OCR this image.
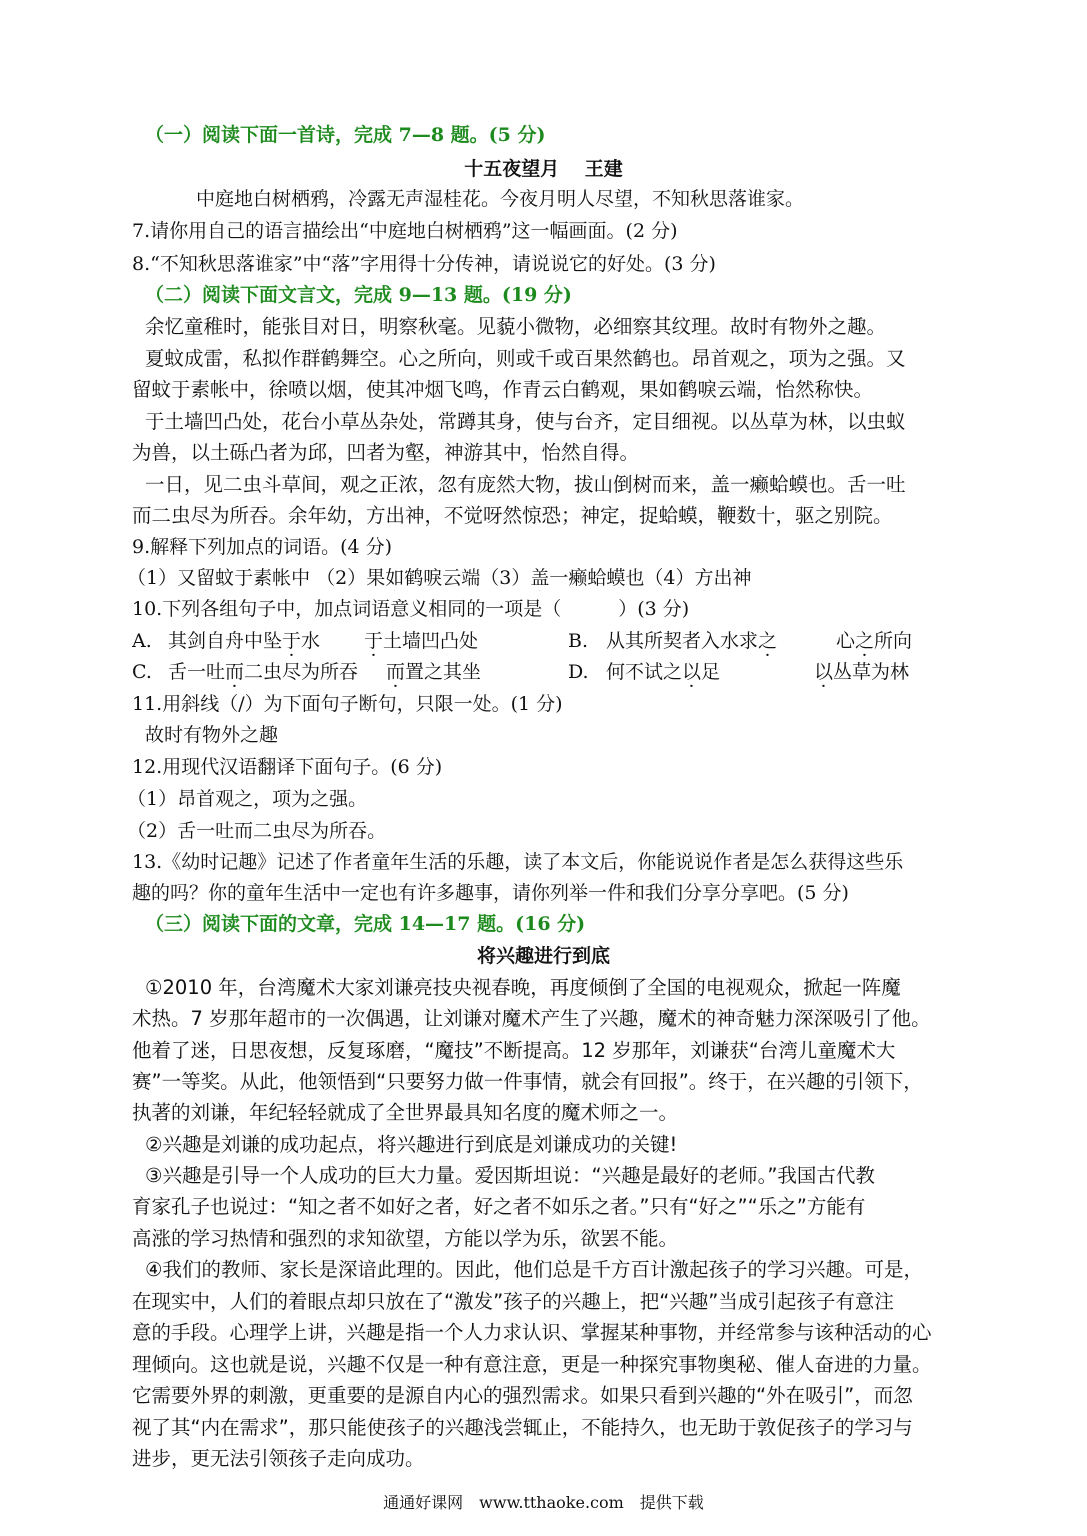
（一）阅读下面一首诗，完成 7—8 题。(5 分)
十五夜望月　 王建
中庭地白树栖鸦，冷露无声湿桂花。今夜月明人尽望，不知秋思落谁家。
7.请你用自己的语言描绘出“中庭地白树栖鸦”这一幅画面。(2 分)
8.“不知秋思落谁家”中“落”字用得十分传神，请说说它的好处。(3 分)
（二）阅读下面文言文，完成 9—13 题。(19 分)
余忆童稚时，能张目对日，明察秋毫。见藐小微物，必细察其纹理。故时有物外之趣。
夏蚊成雷，私拟作群鹤舞空。心之所向，则或千或百果然鹤也。昂首观之，项为之强。又
留蚊于素帐中，徐喷以烟，使其冲烟飞鸣，作青云白鹤观，果如鹤唳云端，怡然称快。
于土墙凹凸处，花台小草丛杂处，常蹲其身，使与台齐，定目细视。以丛草为林，以虫蚁
为兽，以土砾凸者为邱，凹者为壑，神游其中，怡然自得。
一日，见二虫斗草间，观之正浓，忽有庞然大物，拔山倒树而来，盖一癞蛤蟆也。舌一吐
而二虫尽为所吞。余年幼，方出神，不觉呀然惊恐；神定，捉蛤蟆，鞭数十，驱之别院。
9.解释下列加点的词语。(4 分)
（1）又留蚊于素帐中 （2）果如鹤唳云端（3）盖一癞蛤蟆也（4）方出神
10.下列各组句子中，加点词语意义相同的一项是（　　　）(3 分)
A. 其剑自舟中坠于水 于土墙凹凸处	B. 从其所契者入水求之	心之所向
C. 舌一吐而二虫尽为所吞 而置之其坐	D. 何不试之以足	以丛草为林
11.用斜线（/）为下面句子断句，只限一处。(1 分)
故时有物外之趣
12.用现代汉语翻译下面句子。(6 分)
（1）昂首观之，项为之强。
（2）舌一吐而二虫尽为所吞。
13.《幼时记趣》记述了作者童年生活的乐趣，读了本文后，你能说说作者是怎么获得这些乐
趣的吗？你的童年生活中一定也有许多趣事，请你列举一件和我们分享分享吧。(5 分)
（三）阅读下面的文章，完成 14—17 题。(16 分)
将兴趣进行到底
①2010 年，台湾魔术大家刘谦亮技央视春晚，再度倾倒了全国的电视观众，掀起一阵魔
术热。7 岁那年超市的一次偶遇，让刘谦对魔术产生了兴趣，魔术的神奇魅力深深吸引了他。
他着了迷，日思夜想，反复琢磨，“魔技”不断提高。12 岁那年，刘谦获“台湾儿童魔术大
赛”一等奖。从此，他领悟到“只要努力做一件事情，就会有回报”。终于，在兴趣的引领下，
执著的刘谦，年纪轻轻就成了全世界最具知名度的魔术师之一。
②兴趣是刘谦的成功起点，将兴趣进行到底是刘谦成功的关键!
③兴趣是引导一个人成功的巨大力量。爱因斯坦说：“兴趣是最好的老师。”我国古代教
育家孔子也说过：“知之者不如好之者，好之者不如乐之者。”只有“好之”“乐之”方能有
高涨的学习热情和强烈的求知欲望，方能以学为乐，欲罢不能。
④我们的教师、家长是深谙此理的。因此，他们总是千方百计激起孩子的学习兴趣。可是，
在现实中，人们的着眼点却只放在了“激发”孩子的兴趣上，把“兴趣”当成引起孩子有意注
意的手段。心理学上讲，兴趣是指一个人力求认识、掌握某种事物，并经常参与该种活动的心
理倾向。这也就是说，兴趣不仅是一种有意注意，更是一种探究事物奥秘、催人奋进的力量。
它需要外界的刺激，更重要的是源自内心的强烈需求。如果只看到兴趣的“外在吸引”，而忽
视了其“内在需求”，那只能使孩子的兴趣浅尝辄止，不能持久，也无助于敦促孩子的学习与
进步，更无法引领孩子走向成功。
通通好课网　www.tthaoke.com　提供下载
